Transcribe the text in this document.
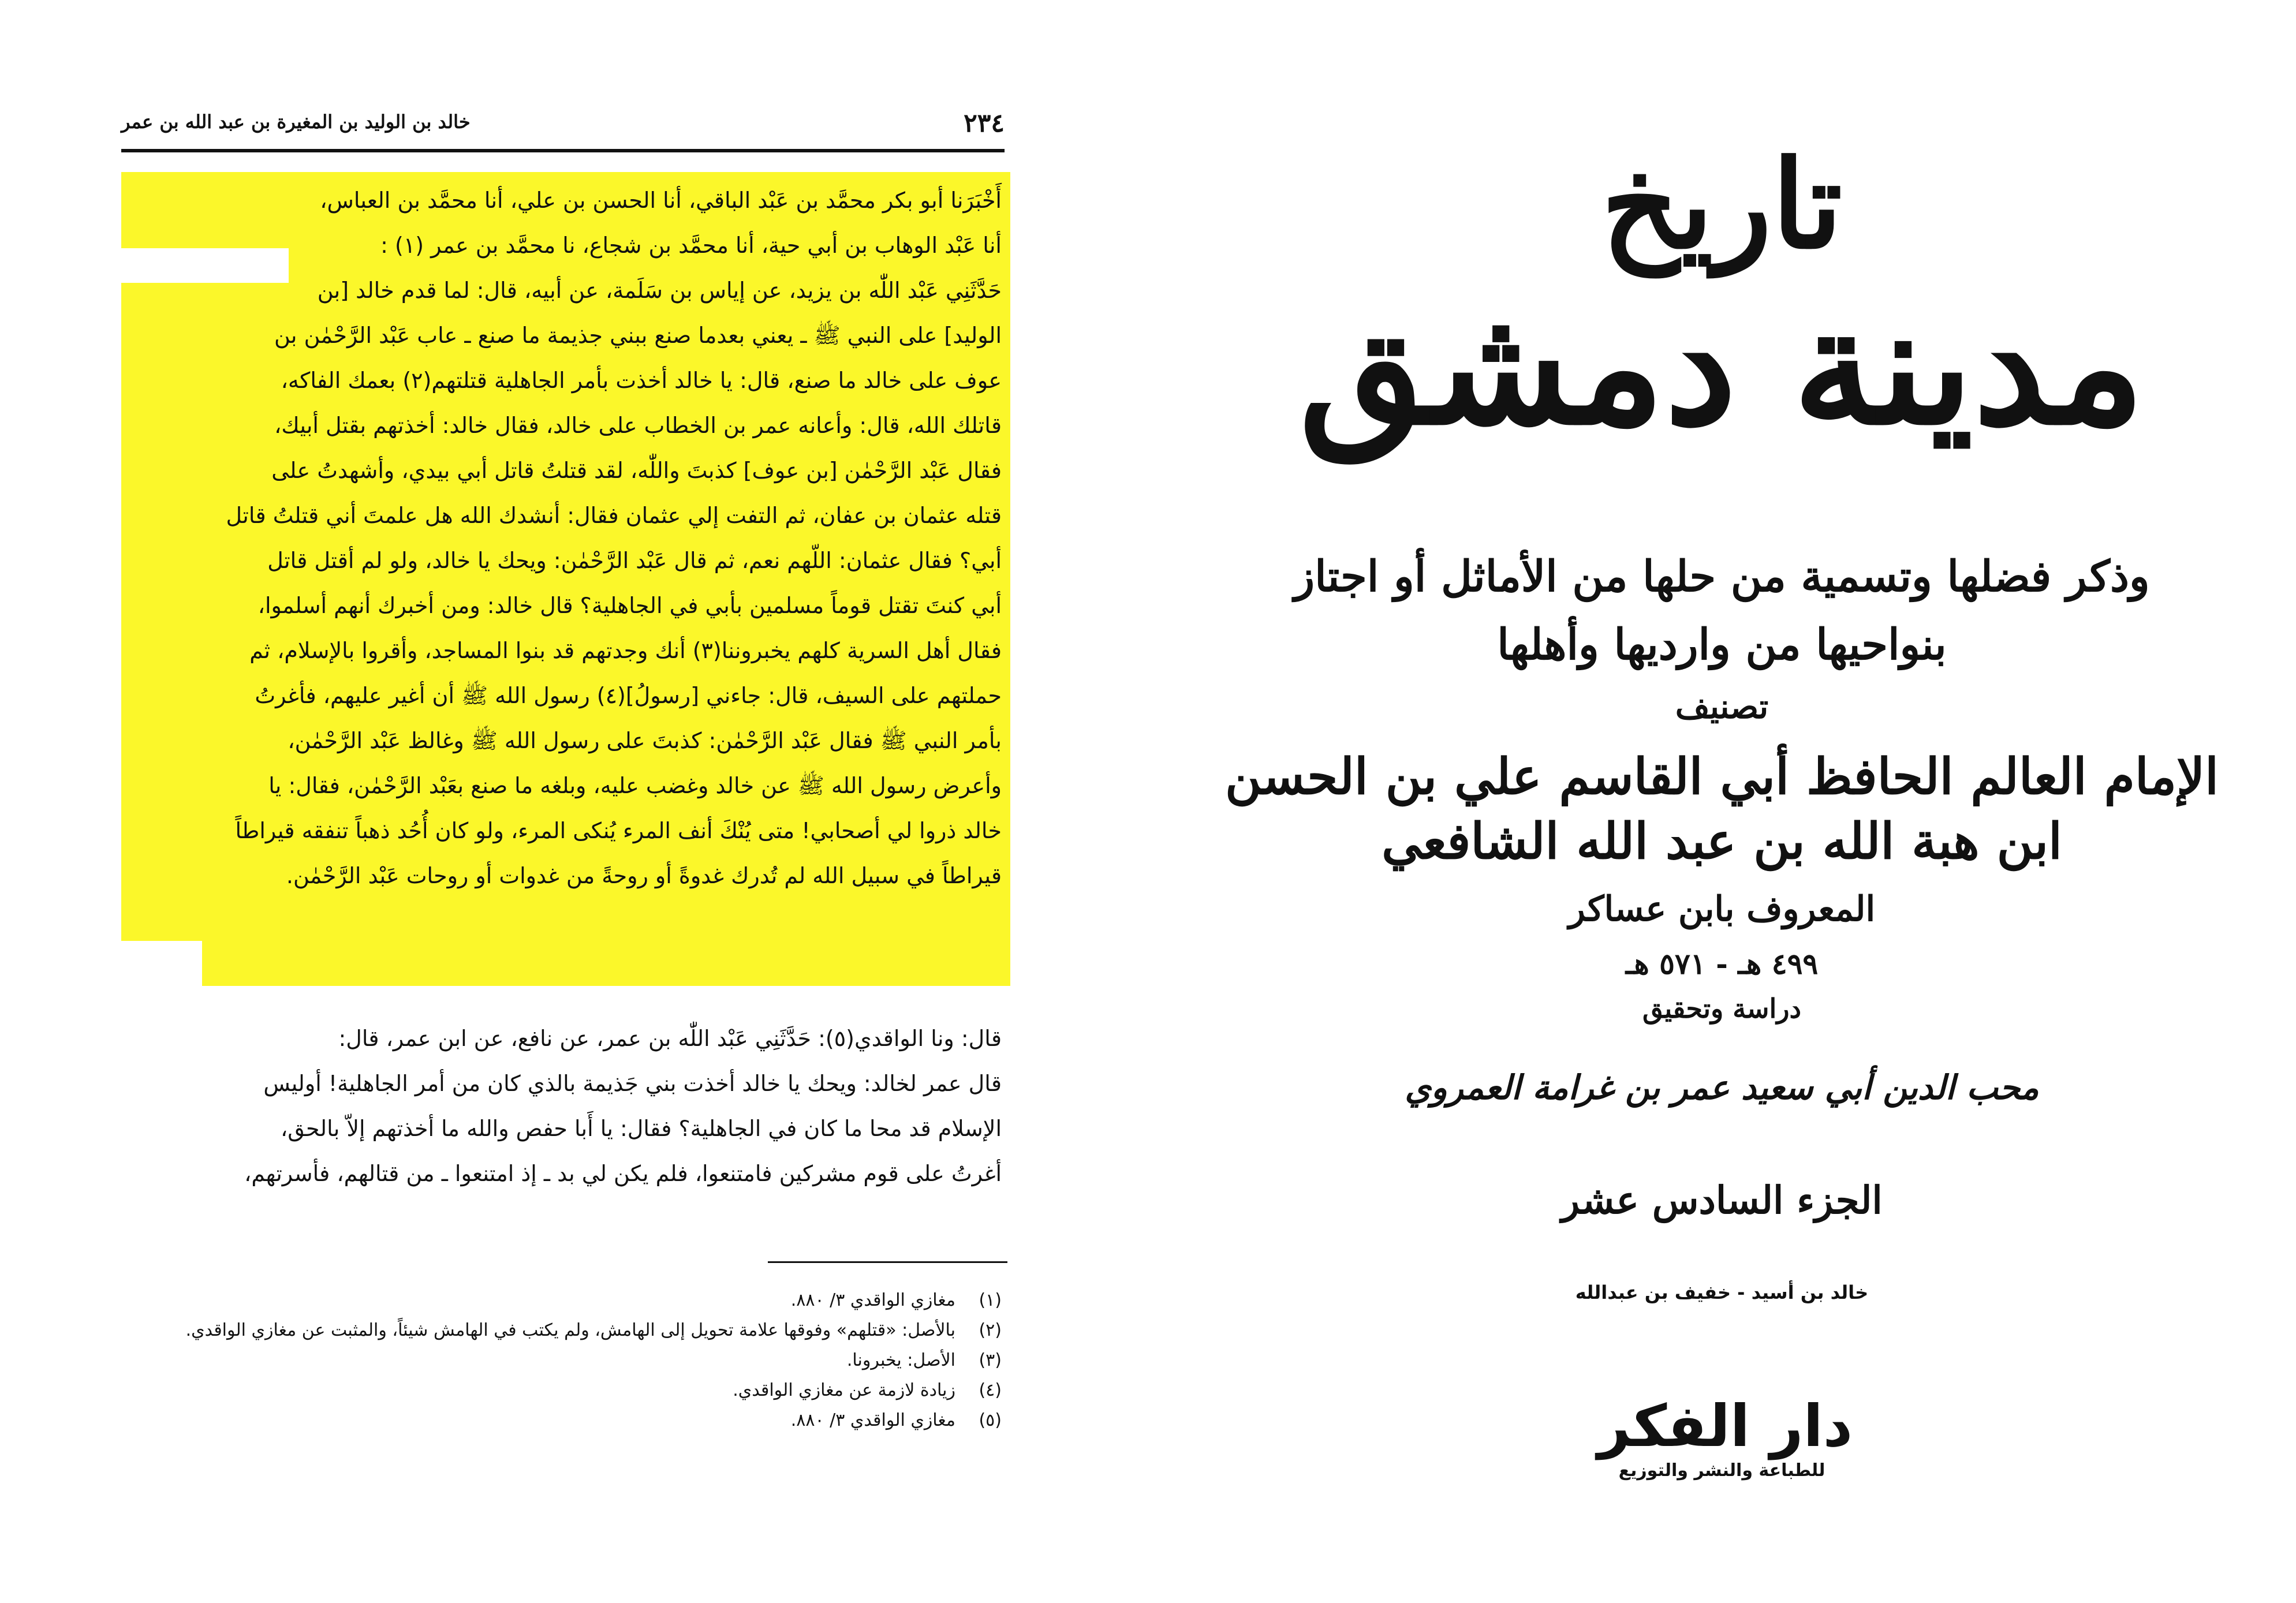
٢٣٤
خالد بن الوليد بن المغيرة بن عبد الله بن عمر

أَخْبَرَنا أبو بكر محمَّد بن عَبْد الباقي، أنا الحسن بن علي، أنا محمَّد بن العباس،

أنا عَبْد الوهاب بن أبي حية، أنا محمَّد بن شجاع، نا محمَّد بن عمر (١) :

حَدَّثَنِي عَبْد اللّٰه بن يزيد، عن إياس بن سَلَمة، عن أبيه، قال: لما قدم خالد [بن

الوليد] على النبي ﷺ ـ يعني بعدما صنع ببني جذيمة ما صنع ـ عاب عَبْد الرَّحْمٰن بن

عوف على خالد ما صنع، قال: يا خالد أخذت بأمر الجاهلية قتلتهم(٢) بعمك الفاكه،

قاتلك الله، قال: وأعانه عمر بن الخطاب على خالد، فقال خالد: أخذتهم بقتل أبيك،

فقال عَبْد الرَّحْمٰن [بن عوف] كذبتَ واللّٰه، لقد قتلتُ قاتل أبي بيدي، وأشهدتُ على

قتله عثمان بن عفان، ثم التفت إلي عثمان فقال: أنشدك الله هل علمتَ أني قتلتُ قاتل

أبي؟ فقال عثمان: اللّهم نعم، ثم قال عَبْد الرَّحْمٰن: ويحك يا خالد، ولو لم أقتل قاتل

أبي كنتَ تقتل قوماً مسلمين بأبي في الجاهلية؟ قال خالد: ومن أخبرك أنهم أسلموا،

فقال أهل السرية كلهم يخبروننا(٣) أنك وجدتهم قد بنوا المساجد، وأقروا بالإسلام، ثم

حملتهم على السيف، قال: جاءني [رسولُ](٤) رسول الله ﷺ أن أغير عليهم، فأغرتُ

بأمر النبي ﷺ فقال عَبْد الرَّحْمٰن: كذبتَ على رسول الله ﷺ وغالظ عَبْد الرَّحْمٰن،

وأعرض رسول الله ﷺ عن خالد وغضب عليه، وبلغه ما صنع بعَبْد الرَّحْمٰن، فقال: يا

خالد ذروا لي أصحابي! متى يُنْكَ أنف المرء يُنكى المرء، ولو كان أُحُد ذهباً تنفقه قيراطاً

قيراطاً في سبيل الله لم تُدرك غدوةً أو روحةً من غدوات أو روحات عَبْد الرَّحْمٰن.

قال: ونا الواقدي(٥): حَدَّثَنِي عَبْد اللّٰه بن عمر، عن نافع، عن ابن عمر، قال:

قال عمر لخالد: ويحك يا خالد أخذت بني جَذيمة بالذي كان من أمر الجاهلية! أوليس

الإسلام قد محا ما كان في الجاهلية؟ فقال: يا أَبا حفص والله ما أخذتهم إلاّ بالحق،

أغرتُ على قوم مشركين فامتنعوا، فلم يكن لي بد ـ إذ امتنعوا ـ من قتالهم، فأسرتهم،

(١)
مغازي الواقدي ٣/ ٨٨٠.
(٢)
بالأصل: «قتلهم» وفوقها علامة تحويل إلى الهامش، ولم يكتب في الهامش شيئاً، والمثبت عن مغازي الواقدي.
(٣)
الأصل: يخبرونا.
(٤)
زيادة لازمة عن مغازي الواقدي.
(٥)
مغازي الواقدي ٣/ ٨٨٠.
تاريخ
مدينة دمشق
وذكر فضلها وتسمية من حلها من الأماثل أو اجتاز
بنواحيها من وارديها وأهلها
تصنيف
الإمام العالم الحافظ أبي القاسم علي بن الحسن
ابن هبة الله بن عبد الله الشافعي
المعروف بابن عساكر
٤٩٩ هـ - ٥٧١ هـ
دراسة وتحقيق
محب الدين أبي سعيد عمر بن غرامة العمروي
الجزء السادس عشر
خالد بن أسيد - خفيف بن عبدالله
دار الفكر
للطباعة والنشر والتوزيع
